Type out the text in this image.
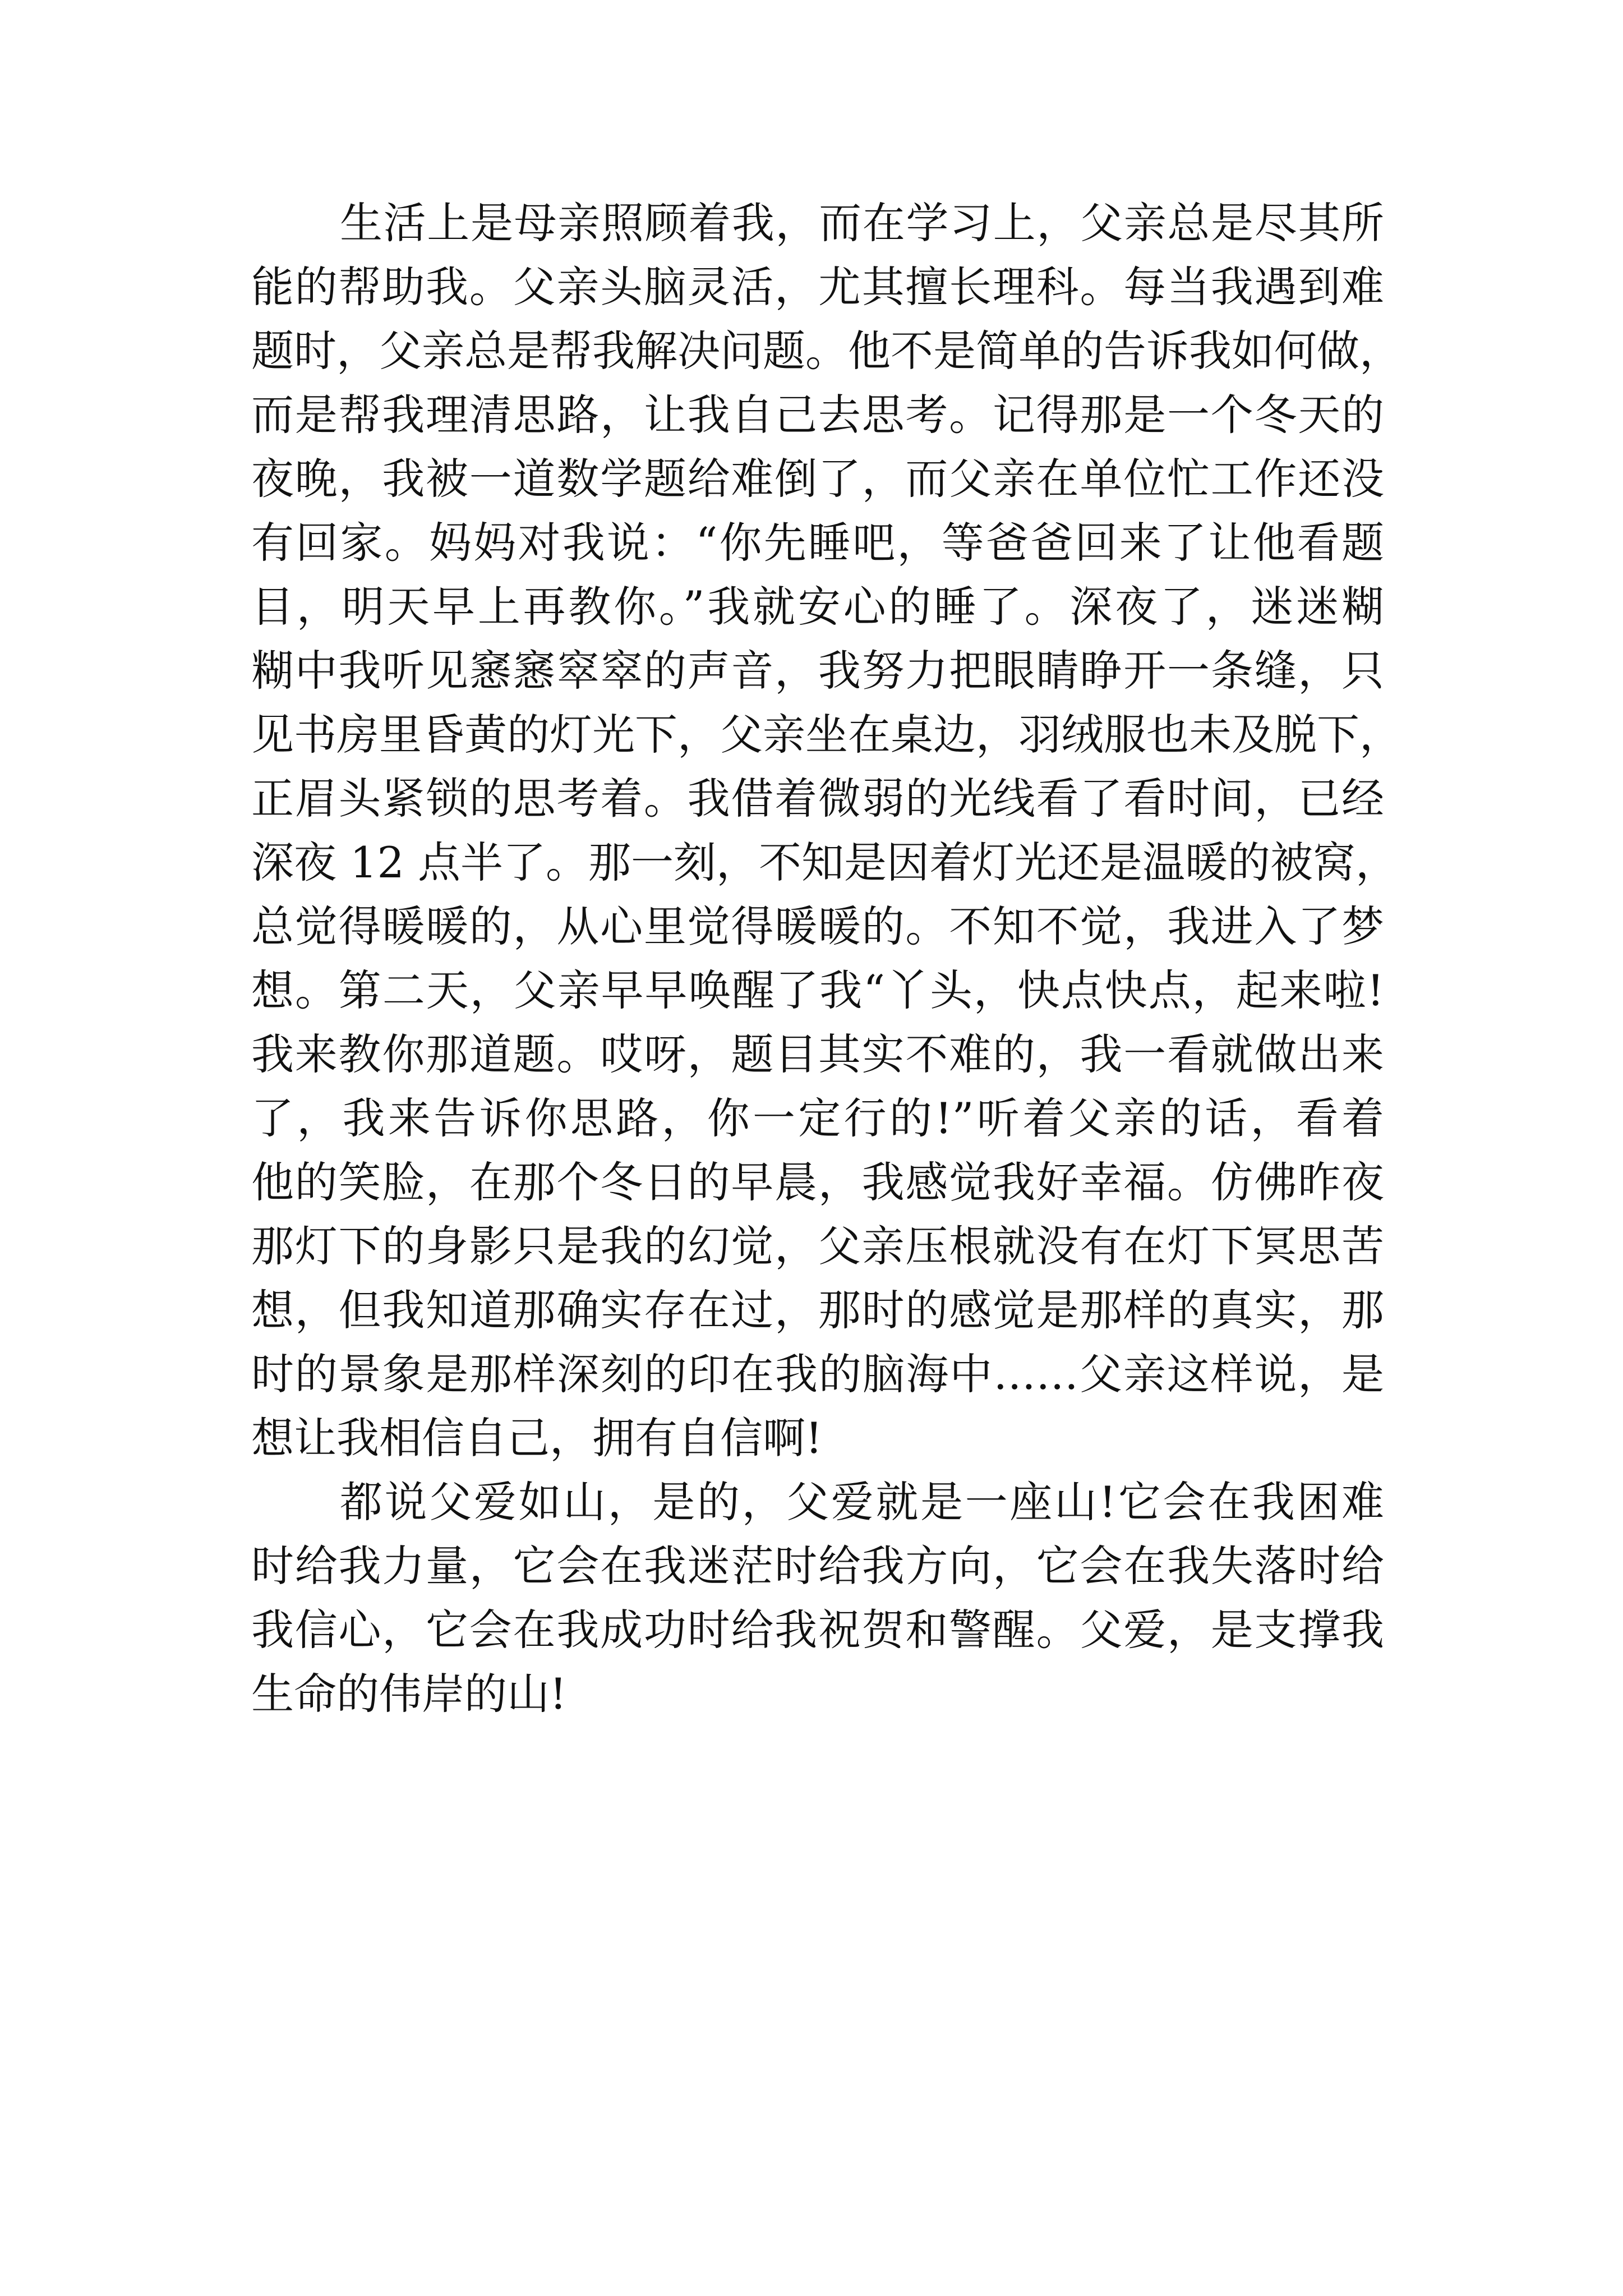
生活上是母亲照顾着我，而在学习上，父亲总是尽其所
能的帮助我。父亲头脑灵活，尤其擅长理科。每当我遇到难
题时，父亲总是帮我解决问题。他不是简单的告诉我如何做，
而是帮我理清思路，让我自己去思考。记得那是一个冬天的
夜晚，我被一道数学题给难倒了，而父亲在单位忙工作还没
有回家。妈妈对我说：“你先睡吧，等爸爸回来了让他看题
目，明天早上再教你。”我就安心的睡了。深夜了，迷迷糊
糊中我听见窸窸窣窣的声音，我努力把眼睛睁开一条缝，只
见书房里昏黄的灯光下，父亲坐在桌边，羽绒服也未及脱下，
正眉头紧锁的思考着。我借着微弱的光线看了看时间，已经
深夜 12 点半了。那一刻，不知是因着灯光还是温暖的被窝，
总觉得暖暖的，从心里觉得暖暖的。不知不觉，我进入了梦
想。第二天，父亲早早唤醒了我“丫头，快点快点，起来啦!
我来教你那道题。哎呀，题目其实不难的，我一看就做出来
了，我来告诉你思路，你一定行的!”听着父亲的话，看着
他的笑脸，在那个冬日的早晨，我感觉我好幸福。仿佛昨夜
那灯下的身影只是我的幻觉，父亲压根就没有在灯下冥思苦
想，但我知道那确实存在过，那时的感觉是那样的真实，那
时的景象是那样深刻的印在我的脑海中……父亲这样说，是
想让我相信自己，拥有自信啊!
都说父爱如山，是的，父爱就是一座山!它会在我困难
时给我力量，它会在我迷茫时给我方向，它会在我失落时给
我信心，它会在我成功时给我祝贺和警醒。父爱，是支撑我
生命的伟岸的山!
